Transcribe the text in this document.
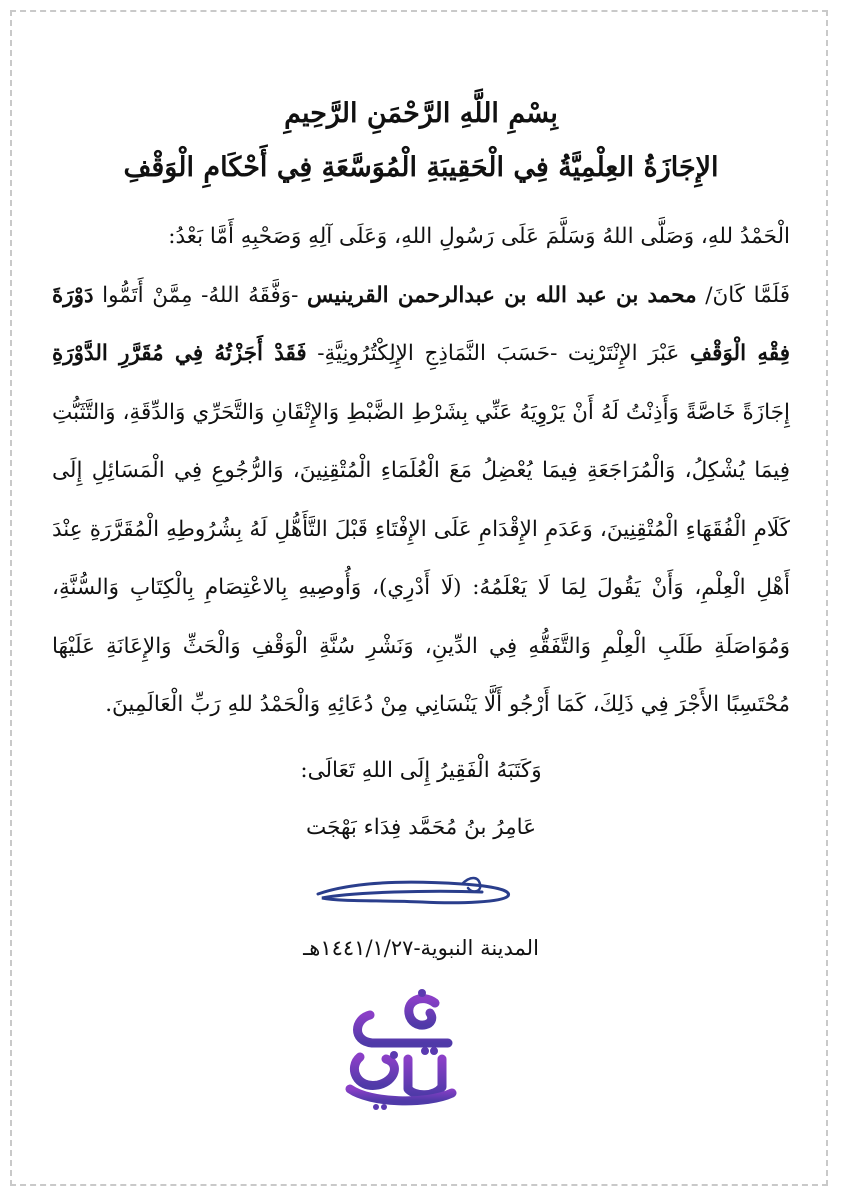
بِسْمِ اللَّهِ الرَّحْمَنِ الرَّحِيمِ
الإِجَازَةُ العِلْمِيَّةُ فِي الْحَقِيبَةِ الْمُوَسَّعَةِ فِي أَحْكَامِ الْوَقْفِ

الْحَمْدُ للهِ، وَصَلَّى اللهُ وَسَلَّمَ عَلَى رَسُولِ اللهِ، وَعَلَى آلِهِ وَصَحْبِهِ أَمَّا بَعْدُ:

فَلَمَّا كَانَ/ محمد بن عبد الله بن عبدالرحمن القرينيس -وَفَّقَهُ اللهُ- مِمَّنْ أَتَمُّوا دَوْرَةَ فِقْهِ الْوَقْفِ عَبْرَ الإِنْتَرْنِت -حَسَبَ النَّمَاذِجِ الإِلِكْتُرُونِيَّةِ- فَقَدْ أَجَزْتُهُ فِي مُقَرَّرِ الدَّوْرَةِ إِجَازَةً خَاصَّةً وَأَذِنْتُ لَهُ أَنْ يَرْوِيَهُ عَنِّي بِشَرْطِ الضَّبْطِ وَالإِتْقَانِ وَالتَّحَرِّي وَالدِّقَةِ، وَالتَّثَبُّتِ فِيمَا يُشْكِلُ، وَالْمُرَاجَعَةِ فِيمَا يُعْضِلُ مَعَ الْعُلَمَاءِ الْمُتْقِنِينَ، وَالرُّجُوعِ فِي الْمَسَائِلِ إِلَى كَلَامِ الْفُقَهَاءِ الْمُتْقِنِينَ، وَعَدَمِ الإِقْدَامِ عَلَى الإِفْتَاءِ قَبْلَ التَّأَهُّلِ لَهُ بِشُرُوطِهِ الْمُقَرَّرَةِ عِنْدَ أَهْلِ الْعِلْمِ، وَأَنْ يَقُولَ لِمَا لَا يَعْلَمُهُ: (لَا أَدْرِي)، وَأُوصِيهِ بِالاعْتِصَامِ بِالْكِتَابِ وَالسُّنَّةِ، وَمُوَاصَلَةِ طَلَبِ الْعِلْمِ وَالتَّفَقُّهِ فِي الدِّينِ، وَنَشْرِ سُنَّةِ الْوَقْفِ وَالْحَثِّ وَالإِعَانَةِ عَلَيْهَا مُحْتَسِبًا الأَجْرَ فِي ذَلِكَ، كَمَا أَرْجُو أَلَّا يَنْسَانِي مِنْ دُعَائِهِ وَالْحَمْدُ للهِ رَبِّ الْعَالَمِينَ.

وَكَتَبَهُ الْفَقِيرُ إِلَى اللهِ تَعَالَى:
عَامِرُ بنُ مُحَمَّد فِدَاء بَهْجَت
المدينة النبوية-١٤٤١/١/٢٧هـ
